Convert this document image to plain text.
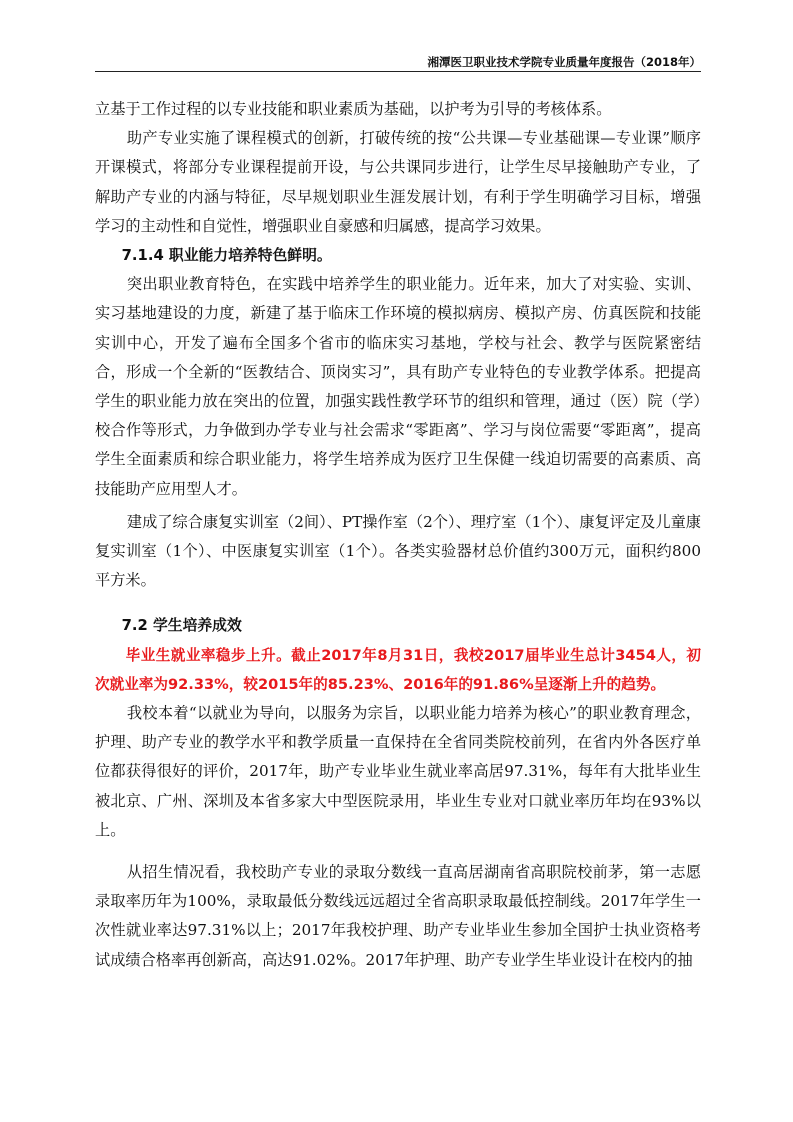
湘潭医卫职业技术学院专业质量年度报告（2018年）

立基于工作过程的以专业技能和职业素质为基础，以护考为引导的考核体系。

助产专业实施了课程模式的创新，打破传统的按“公共课—专业基础课—专业课”顺序开课模式，将部分专业课程提前开设，与公共课同步进行，让学生尽早接触助产专业，了解助产专业的内涵与特征，尽早规划职业生涯发展计划，有利于学生明确学习目标，增强学习的主动性和自觉性，增强职业自豪感和归属感，提高学习效果。

7.1.4 职业能力培养特色鲜明。

突出职业教育特色，在实践中培养学生的职业能力。近年来，加大了对实验、实训、实习基地建设的力度，新建了基于临床工作环境的模拟病房、模拟产房、仿真医院和技能实训中心，开发了遍布全国多个省市的临床实习基地，学校与社会、教学与医院紧密结合，形成一个全新的“医教结合、顶岗实习”，具有助产专业特色的专业教学体系。把提高学生的职业能力放在突出的位置，加强实践性教学环节的组织和管理，通过（医）院（学）校合作等形式，力争做到办学专业与社会需求“零距离”、学习与岗位需要“零距离”，提高学生全面素质和综合职业能力，将学生培养成为医疗卫生保健一线迫切需要的高素质、高技能助产应用型人才。

建成了综合康复实训室（2间）、PT操作室（2个）、理疗室（1个）、康复评定及儿童康复实训室（1个）、中医康复实训室（1个）。各类实验器材总价值约300万元，面积约800平方米。

7.2 学生培养成效

毕业生就业率稳步上升。截止2017年8月31日，我校2017届毕业生总计3454人，初次就业率为92.33%，较2015年的85.23%、2016年的91.86%呈逐渐上升的趋势。

我校本着“以就业为导向，以服务为宗旨，以职业能力培养为核心”的职业教育理念，护理、助产专业的教学水平和教学质量一直保持在全省同类院校前列，在省内外各医疗单位都获得很好的评价，2017年，助产专业毕业生就业率高居97.31%，每年有大批毕业生被北京、广州、深圳及本省多家大中型医院录用，毕业生专业对口就业率历年均在93%以上。

从招生情况看，我校助产专业的录取分数线一直高居湖南省高职院校前茅，第一志愿录取率历年为100%，录取最低分数线远远超过全省高职录取最低控制线。2017年学生一次性就业率达97.31%以上；2017年我校护理、助产专业毕业生参加全国护士执业资格考试成绩合格率再创新高，高达91.02%。2017年护理、助产专业学生毕业设计在校内的抽
